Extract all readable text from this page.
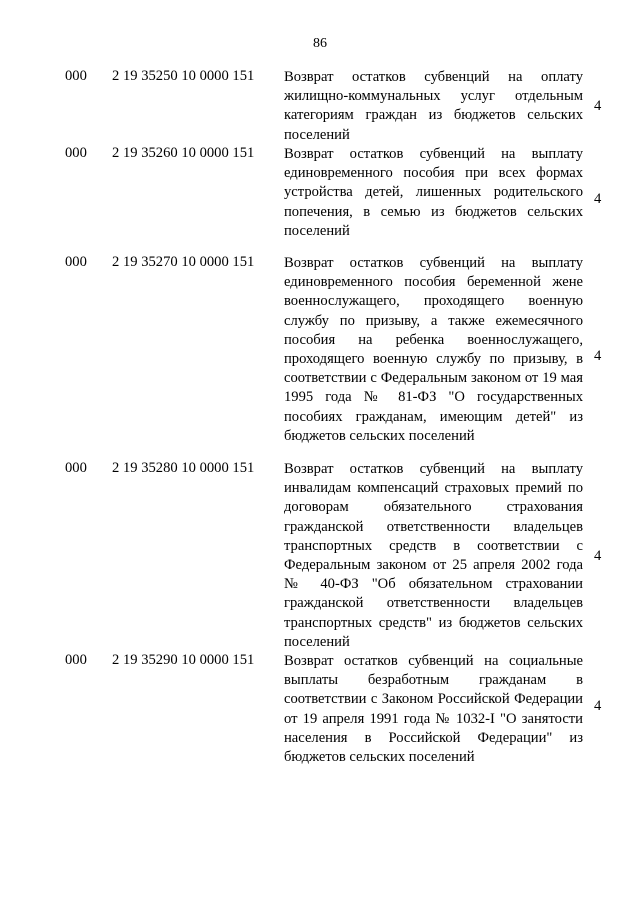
86
000 2 19 35250 10 0000 151 Возврат остатков субвенций на оплату жилищно-коммунальных услуг отдельным категориям граждан из бюджетов сельских поселений
4
000 2 19 35260 10 0000 151 Возврат остатков субвенций на выплату единовременного пособия при всех формах устройства детей, лишенных родительского попечения, в семью из бюджетов сельских поселений
4
000 2 19 35270 10 0000 151 Возврат остатков субвенций на выплату единовременного пособия беременной жене военнослужащего, проходящего военную службу по призыву, а также ежемесячного пособия на ребенка военнослужащего, проходящего военную службу по призыву, в соответствии с Федеральным законом от 19 мая 1995 года № 81-ФЗ "О государственных пособиях гражданам, имеющим детей" из бюджетов сельских поселений
4
000 2 19 35280 10 0000 151 Возврат остатков субвенций на выплату инвалидам компенсаций страховых премий по договорам обязательного страхования гражданской ответственности владельцев транспортных средств в соответствии с Федеральным законом от 25 апреля 2002 года № 40-ФЗ "Об обязательном страховании гражданской ответственности владельцев транспортных средств" из бюджетов сельских поселений
4
000 2 19 35290 10 0000 151 Возврат остатков субвенций на социальные выплаты безработным гражданам в соответствии с Законом Российской Федерации от 19 апреля 1991 года № 1032-I "О занятости населения в Российской Федерации" из бюджетов сельских поселений
4
